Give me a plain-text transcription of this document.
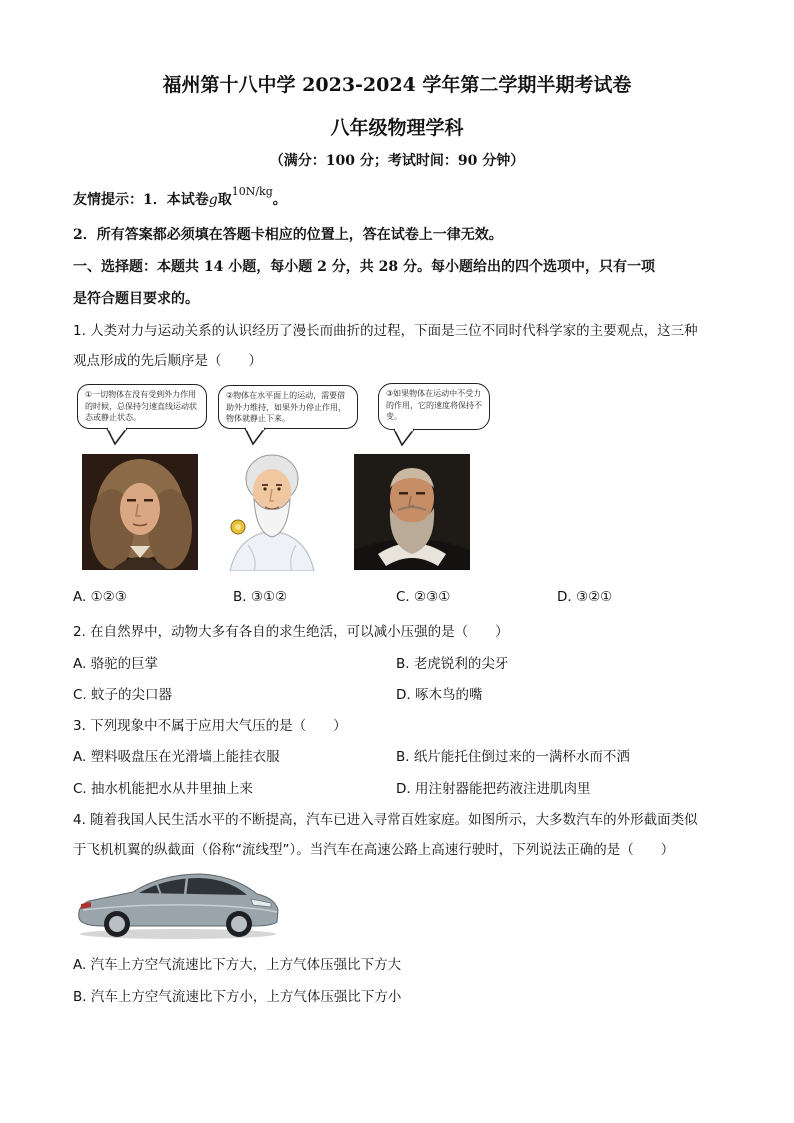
福州第十八中学 2023-2024 学年第二学期半期考试卷
八年级物理学科
（满分：100 分；考试时间：90 分钟）
友情提示：1．本试卷g取$^{10N/kg}$。
2．所有答案都必须填在答题卡相应的位置上，答在试卷上一律无效。
一、选择题：本题共 14 小题，每小题 2 分，共 28 分。每小题给出的四个选项中，只有一项
是符合题目要求的。
1. 人类对力与运动关系的认识经历了漫长而曲折的过程，下面是三位不同时代科学家的主要观点，这三种
观点形成的先后顺序是（　　）
①一切物体在没有受到外力作用的时候，总保持匀速直线运动状态或静止状态。
②物体在水平面上的运动，需要借助外力维持，如果外力停止作用，物体就静止下来。
③如果物体在运动中不受力的作用，它的速度将保持不变。
A. ①②③	B. ③①②	C. ②③①	D. ③②①
2. 在自然界中，动物大多有各自的求生绝活，可以减小压强的是（　　）
A. 骆驼的巨掌	B. 老虎锐利的尖牙
C. 蚊子的尖口器	D. 啄木鸟的嘴
3. 下列现象中不属于应用大气压的是（　　）
A. 塑料吸盘压在光滑墙上能挂衣服	B. 纸片能托住倒过来的一满杯水而不洒
C. 抽水机能把水从井里抽上来	D. 用注射器能把药液注进肌肉里
4. 随着我国人民生活水平的不断提高，汽车已进入寻常百姓家庭。如图所示，大多数汽车的外形截面类似
于飞机机翼的纵截面（俗称“流线型”）。当汽车在高速公路上高速行驶时，下列说法正确的是（　　）
A. 汽车上方空气流速比下方大，上方气体压强比下方大
B. 汽车上方空气流速比下方小，上方气体压强比下方小
